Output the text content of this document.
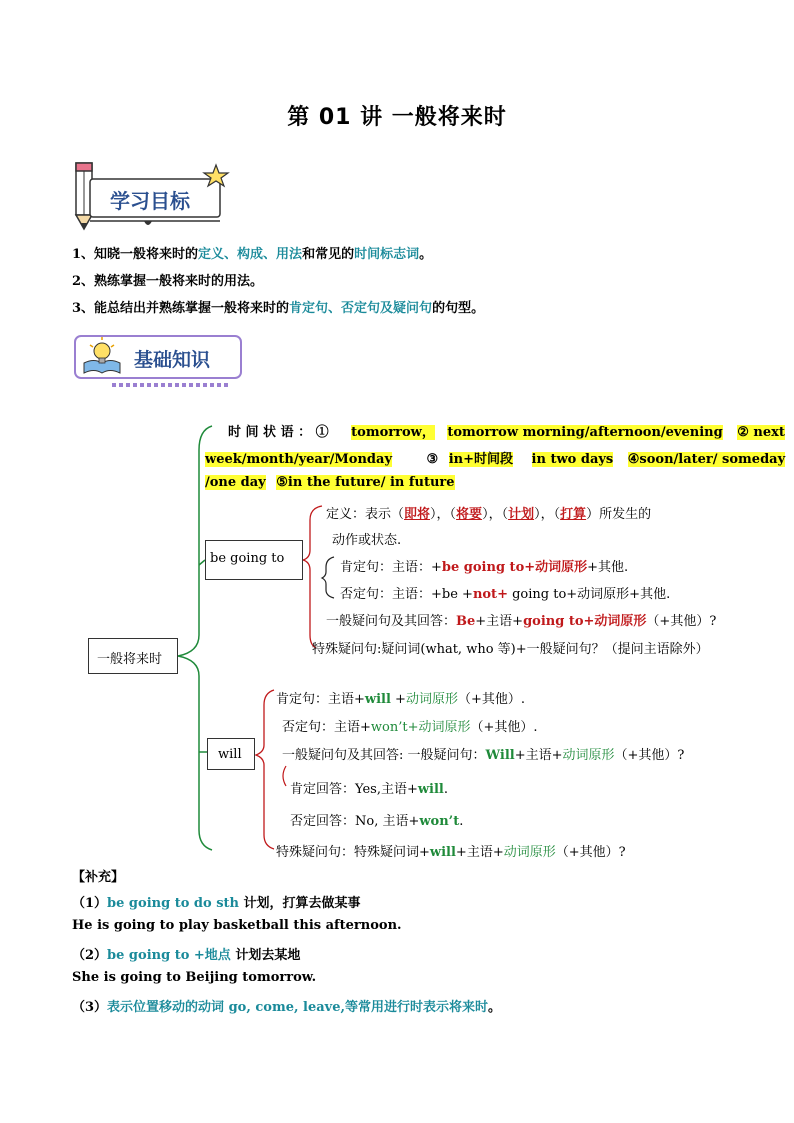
第 01 讲 一般将来时
学习目标
1、知晓一般将来时的定义、构成、用法和常见的时间标志词。
2、熟练掌握一般将来时的用法。
3、能总结出并熟练掌握一般将来时的肯定句、否定句及疑问句的句型。
基础知识
一般将来时
时 间 状 语 ： ① tomorrow， tomorrow morning/afternoon/evening ② next
week/month/year/Monday	③ in+时间段 in two days ④soon/later/ someday
/one day ⑤in the future/ in future
be going to
定义：表示（即将），（将要），（计划），（打算）所发生的
动作或状态.
肯定句：主语：+be going to+动词原形+其他.
否定句：主语：+be +not+ going to+动词原形+其他.
一般疑问句及其回答：Be+主语+going to+动词原形（+其他）?
特殊疑问句:疑问词(what, who 等)+一般疑问句？（提问主语除外）
will
肯定句：主语+will +动词原形（+其他）.
否定句：主语+won’t+动词原形（+其他）.
一般疑问句及其回答: 一般疑问句：Will+主语+动词原形（+其他）?
肯定回答：Yes,主语+will.
否定回答：No, 主语+won’t.
特殊疑问句：特殊疑问词+will+主语+动词原形（+其他）?
【补充】
（1）be going to do sth 计划，打算去做某事
He is going to play basketball this afternoon.
（2）be going to +地点 计划去某地
She is going to Beijing tomorrow.
（3）表示位置移动的动词 go, come, leave,等常用进行时表示将来时。
